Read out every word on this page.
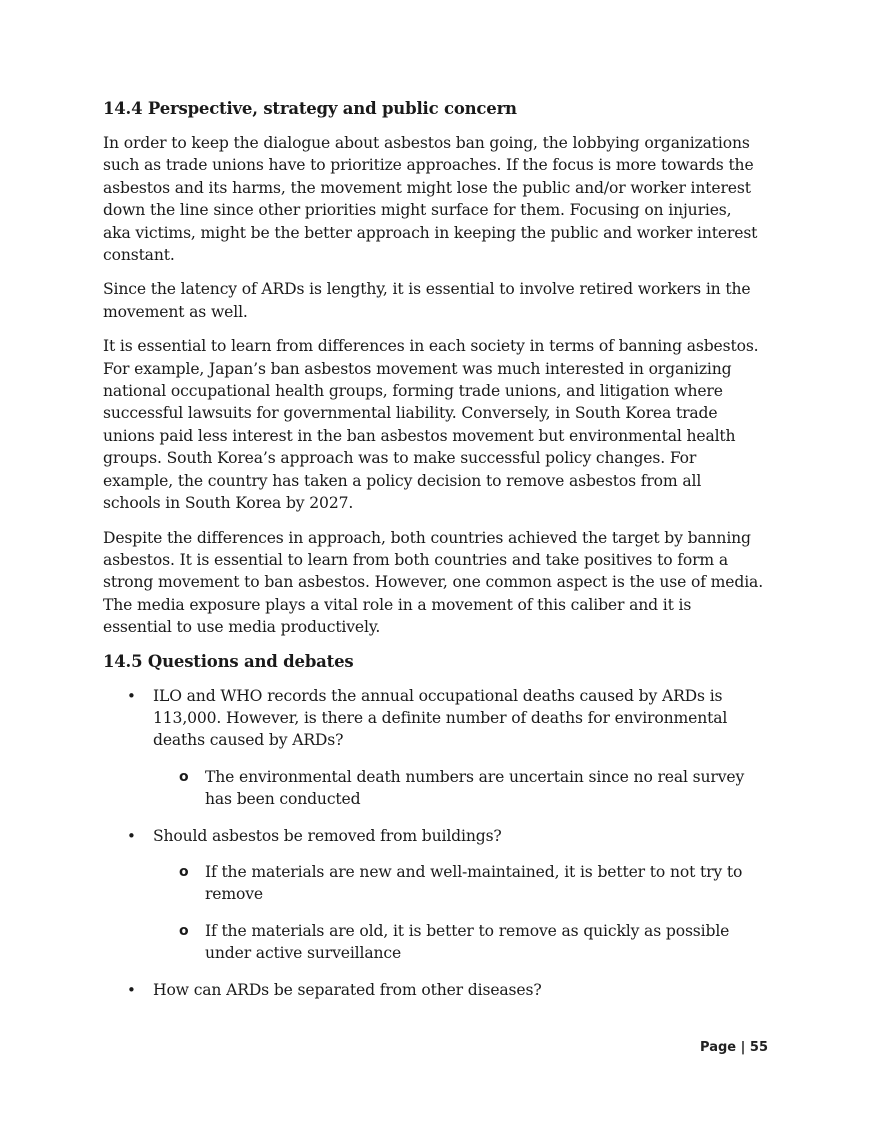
14.4 Perspective, strategy and public concern

In order to keep the dialogue about asbestos ban going, the lobbying organizations such as trade unions have to prioritize approaches. If the focus is more towards the asbestos and its harms, the movement might lose the public and/or worker interest down the line since other priorities might surface for them. Focusing on injuries, aka victims, might be the better approach in keeping the public and worker interest constant.

Since the latency of ARDs is lengthy, it is essential to involve retired workers in the movement as well.

It is essential to learn from differences in each society in terms of banning asbestos. For example, Japan’s ban asbestos movement was much interested in organizing national occupational health groups, forming trade unions, and litigation where successful lawsuits for governmental liability. Conversely, in South Korea trade unions paid less interest in the ban asbestos movement but environmental health groups. South Korea’s approach was to make successful policy changes. For example, the country has taken a policy decision to remove asbestos from all schools in South Korea by 2027.

Despite the differences in approach, both countries achieved the target by banning asbestos. It is essential to learn from both countries and take positives to form a strong movement to ban asbestos. However, one common aspect is the use of media. The media exposure plays a vital role in a movement of this caliber and it is essential to use media productively.

14.5 Questions and debates
• ILO and WHO records the annual occupational deaths caused by ARDs is 113,000. However, is there a definite number of deaths for environmental deaths caused by ARDs?
o The environmental death numbers are uncertain since no real survey has been conducted
• Should asbestos be removed from buildings?
o If the materials are new and well-maintained, it is better to not try to remove
o If the materials are old, it is better to remove as quickly as possible under active surveillance
• How can ARDs be separated from other diseases?
Page | 55
